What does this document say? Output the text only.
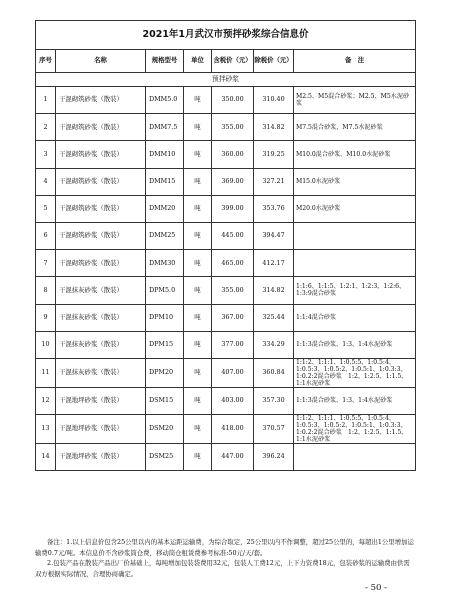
2021年1月武汉市预拌砂浆综合信息价						
序号	名称	规格型号	单位	含税价（元）	除税价（元）	备　注
预拌砂浆						
1	干混砌筑砂浆（散装）	DMM5.0	吨	350.00	310.40	M2.5、M5混合砂浆；M2.5、M5水泥砂浆
2	干混砌筑砂浆（散装）	DMM7.5	吨	355.00	314.82	M7.5混合砂浆、M7.5水泥砂浆
3	干混砌筑砂浆（散装）	DMM10	吨	360.00	319.25	M10.0混合砂浆、M10.0水泥砂浆
4	干混砌筑砂浆（散装）	DMM15	吨	369.00	327.21	M15.0水泥砂浆
5	干混砌筑砂浆（散装）	DMM20	吨	399.00	353.76	M20.0水泥砂浆
6	干混砌筑砂浆（散装）	DMM25	吨	445.00	394.47	
7	干混砌筑砂浆（散装）	DMM30	吨	465.00	412.17	
8	干混抹灰砂浆（散装）	DPM5.0	吨	355.00	314.82	1:1:6、1:1:5、1:2:1、1:2:3、1:2:6、1:3:9混合砂浆
9	干混抹灰砂浆（散装）	DPM10	吨	367.00	325.44	1:1:4混合砂浆
10	干混抹灰砂浆（散装）	DPM15	吨	377.00	334.29	1:1:3混合砂浆、1:3、1:4水泥砂浆
11	干混抹灰砂浆（散装）	DPM20	吨	407.00	360.84	1:1:2、1:1:1、1:0.5:5、1:0.5:4、1:0.5:3、1:0.5:2、1:0.5:1、1:0.3:3、1:0.2:2混合砂浆　1:2、1:2.5、1:1.5、1:1水泥砂浆
12	干混地坪砂浆（散装）	DSM15	吨	403.00	357.30	1:1:3混合砂浆、1:3、1:4水泥砂浆
13	干混地坪砂浆（散装）	DSM20	吨	418.00	370.57	1:1:2、1:1:1、1:0.5:5、1:0.5:4、1:0.5:3、1:0.5:2、1:0.5:1、1:0.3:3、1:0.2:2混合砂浆　1:2、1:2.5、1:1.5、1:1水泥砂浆
14	干混地坪砂浆（散装）	DSM25	吨	447.00	396.24	

备注：1.以上信息价包含25公里以内的基本运距运输费，为综合取定，25公里以内不作调整，超过25公里的，每超出1公里增加运输费0.7元/吨。本信息价不含砂浆筒仓费，移动筒仓租赁费参考标准:50元/天/套。

2.包装产品在散装产品出厂价基础上，每吨增加包装袋费用32元，包装人工费12元，上下力资费18元，包装砂浆的运输费由供需双方根据实际情况，合理协商确定。

- 50 -
